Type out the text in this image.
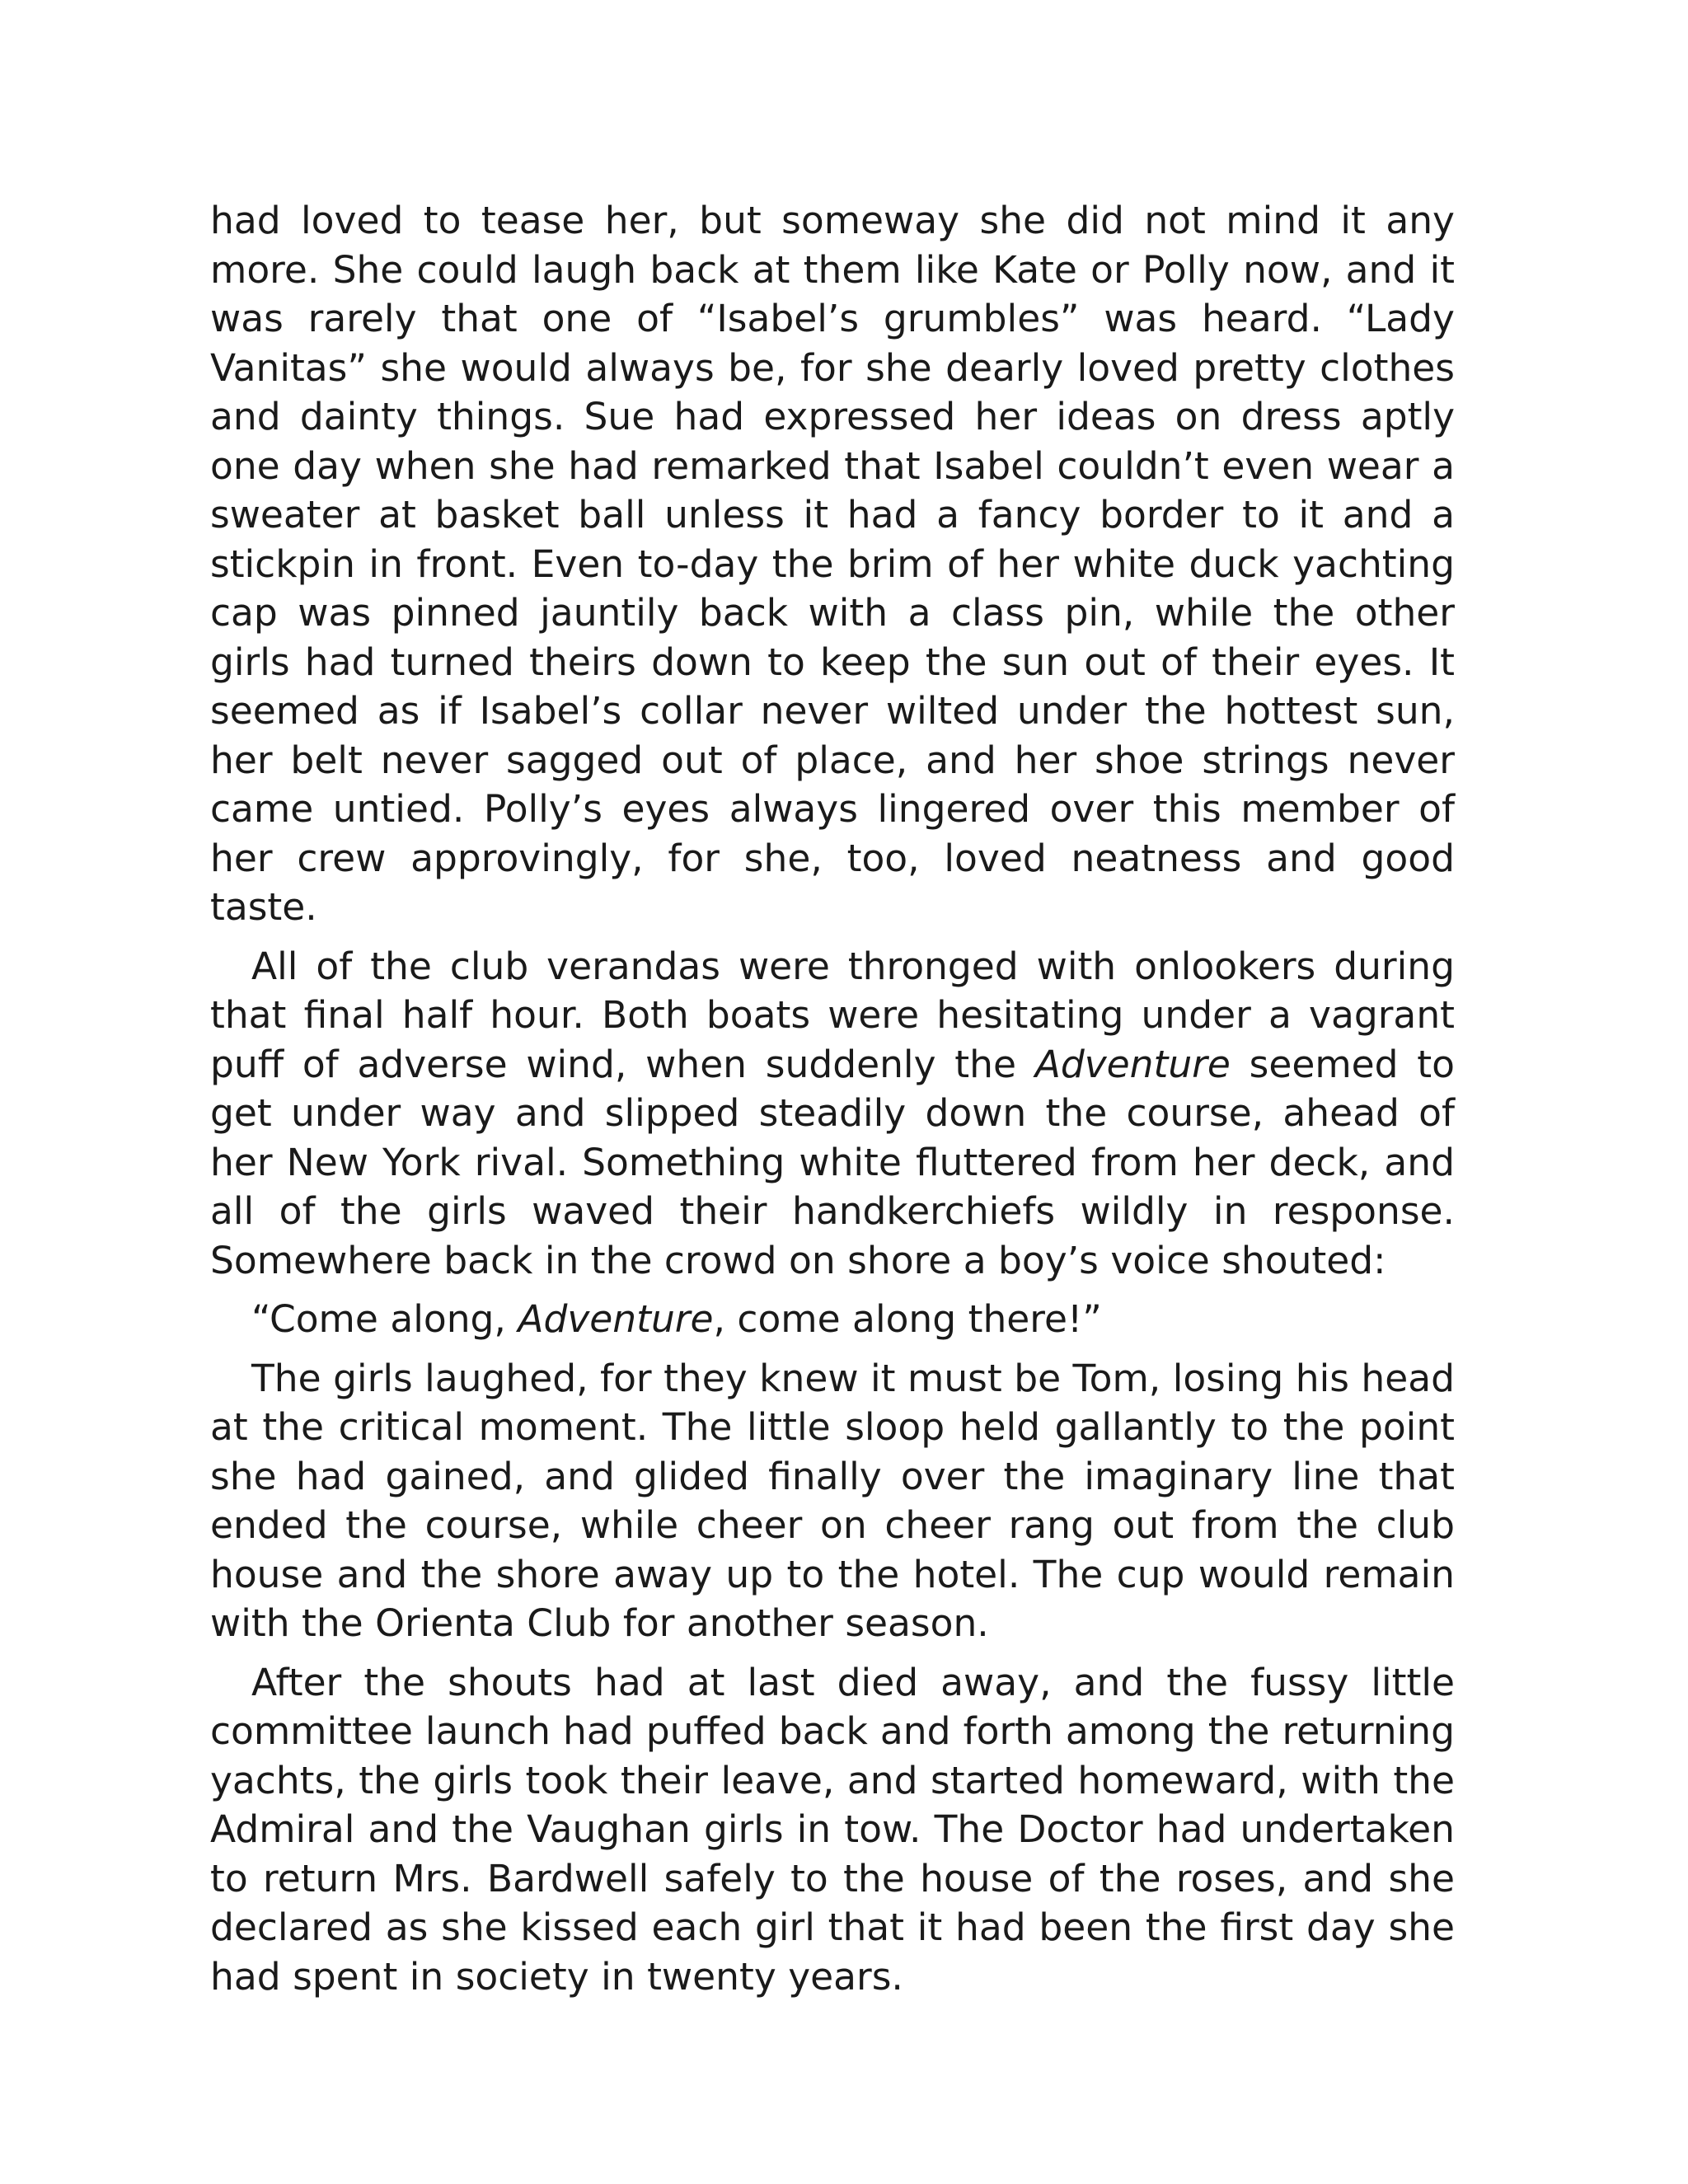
had loved to tease her, but someway she did not mind it any more. She could laugh back at them like Kate or Polly now, and it was rarely that one of “Isabel’s grumbles” was heard. “Lady Vanitas” she would always be, for she dearly loved pretty clothes and dainty things. Sue had expressed her ideas on dress aptly one day when she had remarked that Isabel couldn’t even wear a sweater at basket ball unless it had a fancy border to it and a stickpin in front. Even to-day the brim of her white duck yachting cap was pinned jauntily back with a class pin, while the other girls had turned theirs down to keep the sun out of their eyes. It seemed as if Isabel’s collar never wilted under the hottest sun, her belt never sagged out of place, and her shoe strings never came untied. Polly’s eyes always lingered over this member of her crew approvingly, for she, too, loved neatness and good taste.

All of the club verandas were thronged with onlookers during that final half hour. Both boats were hesitating under a vagrant puff of adverse wind, when suddenly the Adventure seemed to get under way and slipped steadily down the course, ahead of her New York rival. Something white fluttered from her deck, and all of the girls waved their handkerchiefs wildly in response. Somewhere back in the crowd on shore a boy’s voice shouted:

“Come along, Adventure, come along there!”

The girls laughed, for they knew it must be Tom, losing his head at the critical moment. The little sloop held gallantly to the point she had gained, and glided finally over the imaginary line that ended the course, while cheer on cheer rang out from the club house and the shore away up to the hotel. The cup would remain with the Orienta Club for another season.

After the shouts had at last died away, and the fussy little committee launch had puffed back and forth among the returning yachts, the girls took their leave, and started homeward, with the Admiral and the Vaughan girls in tow. The Doctor had undertaken to return Mrs. Bardwell safely to the house of the roses, and she declared as she kissed each girl that it had been the first day she had spent in society in twenty years.
